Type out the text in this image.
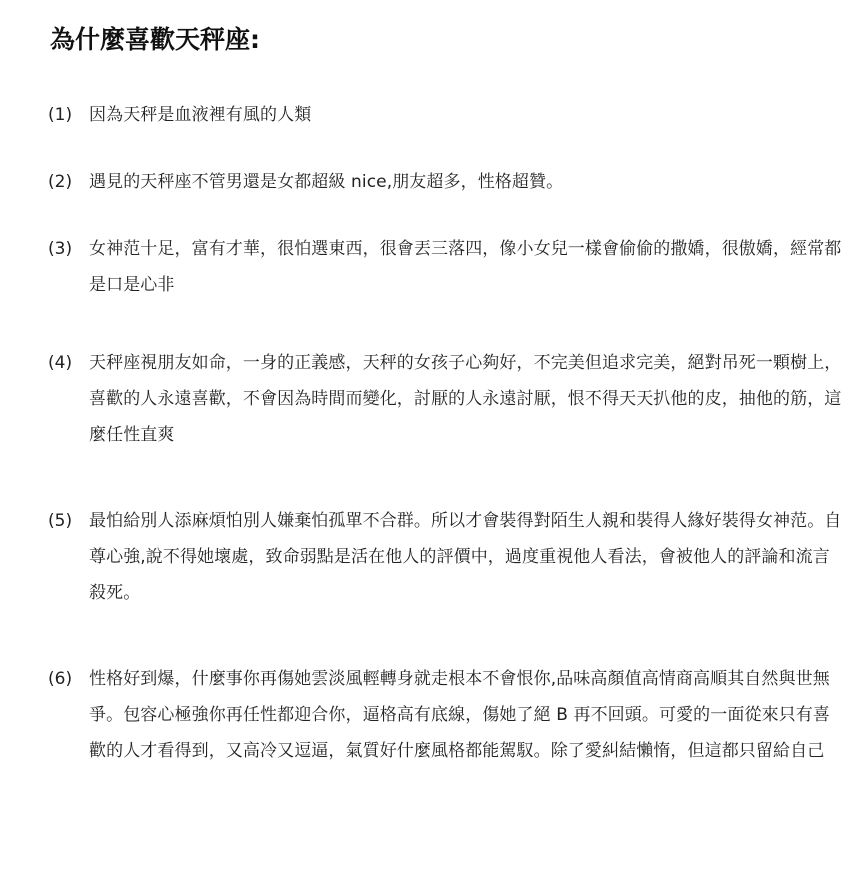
為什麼喜歡天秤座:
(1) 因為天秤是血液裡有風的人類
(2) 遇見的天秤座不管男還是女都超級 nice,朋友超多，性格超贊。
(3) 女神范十足，富有才華，很怕選東西，很會丟三落四，像小女兒一樣會偷偷的撒嬌，很傲嬌，經常都是口是心非
(4) 天秤座視朋友如命，一身的正義感，天秤的女孩子心夠好，不完美但追求完美，絕對吊死一顆樹上，喜歡的人永遠喜歡，不會因為時間而變化，討厭的人永遠討厭，恨不得天天扒他的皮，抽他的筋，這麼任性直爽
(5) 最怕給別人添麻煩怕別人嫌棄怕孤單不合群。所以才會裝得對陌生人親和裝得人緣好裝得女神范。自尊心強,說不得她壞處，致命弱點是活在他人的評價中，過度重視他人看法，會被他人的評論和流言殺死。
(6) 性格好到爆，什麼事你再傷她雲淡風輕轉身就走根本不會恨你,品味高顏值高情商高順其自然與世無爭。包容心極強你再任性都迎合你，逼格高有底線，傷她了絕 B 再不回頭。可愛的一面從來只有喜歡的人才看得到，又高冷又逗逼，氣質好什麼風格都能駕馭。除了愛糾結懶惰，但這都只留給自己
